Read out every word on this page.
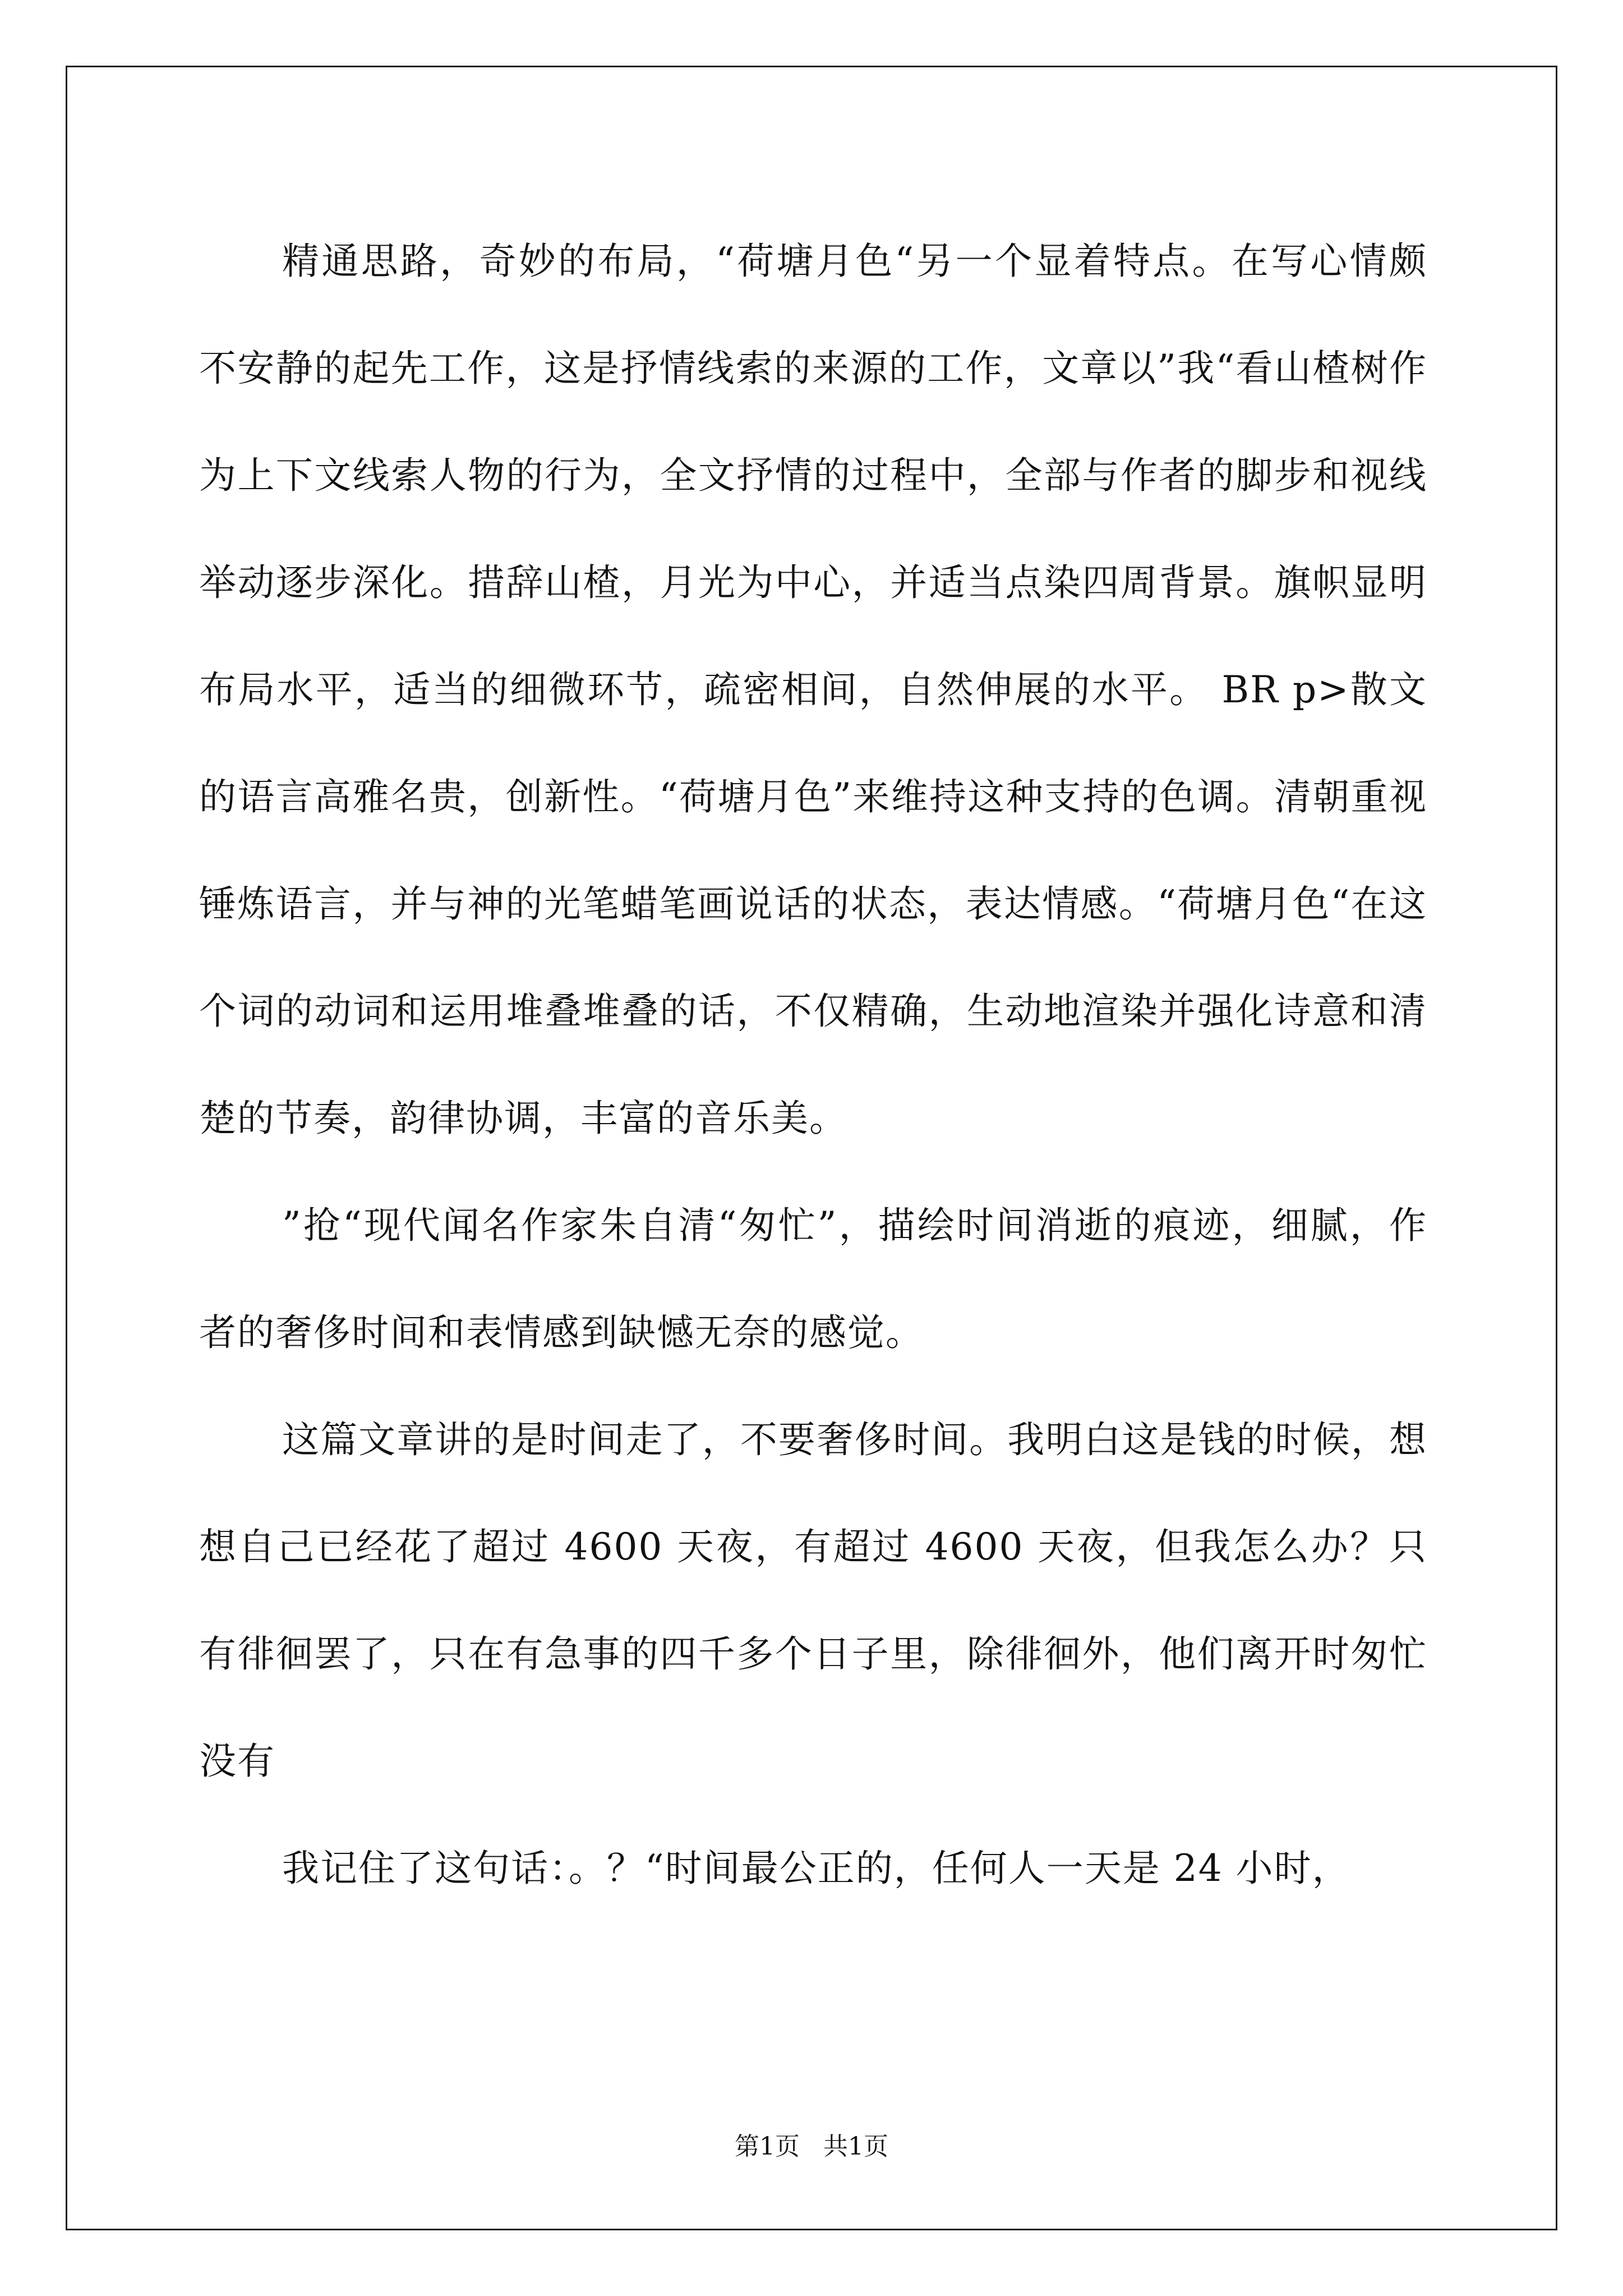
精通思路，奇妙的布局，“荷塘月色“另一个显着特点。在写心情颇不安静的起先工作，这是抒情线索的来源的工作，文章以”我“看山楂树作为上下文线索人物的行为，全文抒情的过程中，全部与作者的脚步和视线举动逐步深化。措辞山楂，月光为中心，并适当点染四周背景。旗帜显明布局水平，适当的细微环节，疏密相间，自然伸展的水平。 BR p>散文的语言高雅名贵，创新性。“荷塘月色”来维持这种支持的色调。清朝重视锤炼语言，并与神的光笔蜡笔画说话的状态，表达情感。“荷塘月色“在这个词的动词和运用堆叠堆叠的话，不仅精确，生动地渲染并强化诗意和清楚的节奏，韵律协调，丰富的音乐美。

”抢“现代闻名作家朱自清“匆忙”，描绘时间消逝的痕迹，细腻，作者的奢侈时间和表情感到缺憾无奈的感觉。

这篇文章讲的是时间走了，不要奢侈时间。我明白这是钱的时候，想想自己已经花了超过 4600 天夜，有超过 4600 天夜，但我怎么办？只有徘徊罢了，只在有急事的四千多个日子里，除徘徊外，他们离开时匆忙没有

我记住了这句话：。？“时间最公正的，任何人一天是 24 小时，

第1页   共1页
